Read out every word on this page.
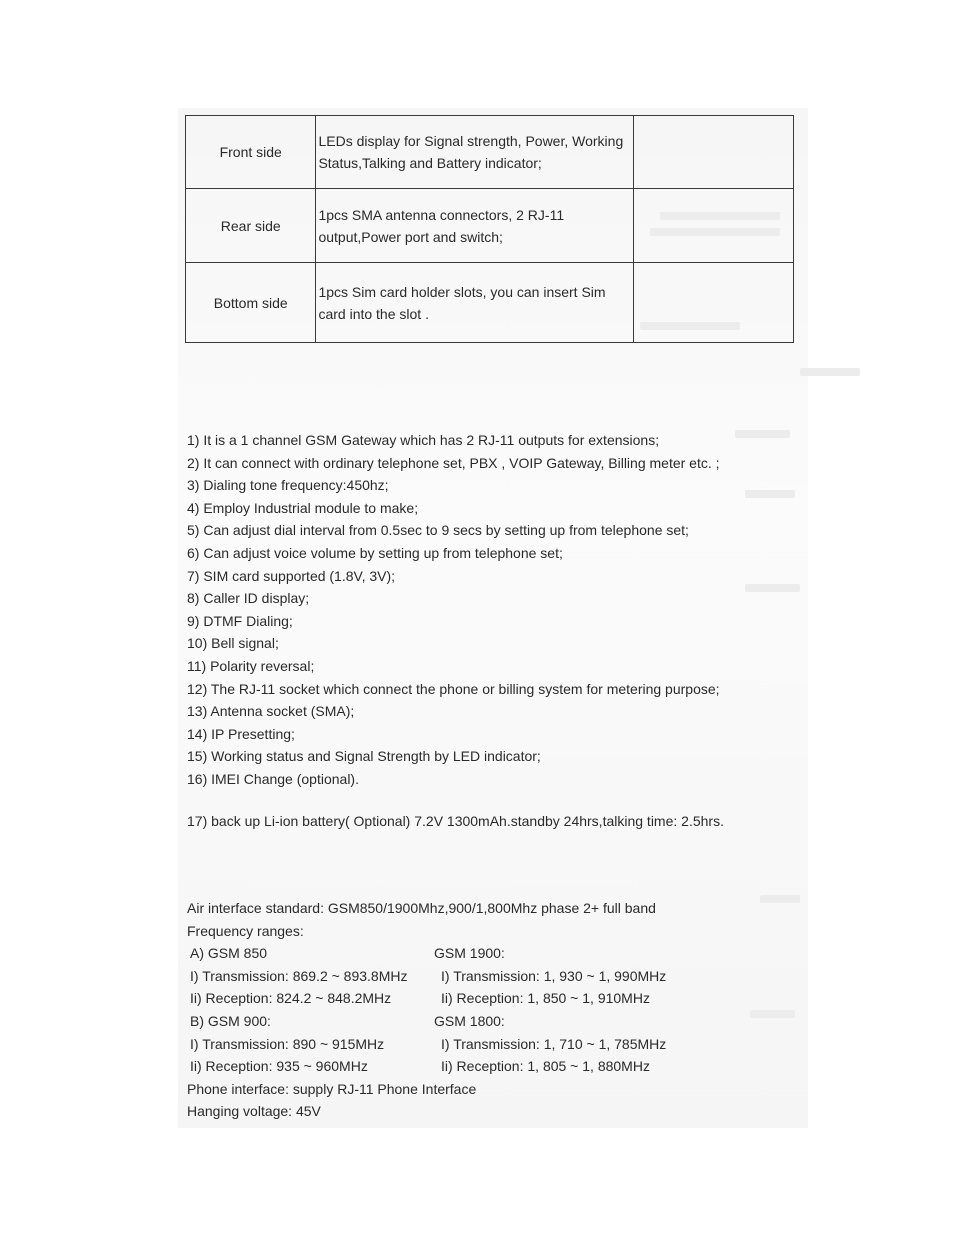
Front side	LEDs display for Signal strength, Power, Working
Status,Talking and Battery indicator;	

Rear side	1pcs SMA antenna connectors, 2 RJ-11
output,Power port and switch;	

Bottom side	1pcs Sim card holder slots, you can insert Sim
card into the slot .	

1) It is a 1 channel GSM Gateway which has 2 RJ-11 outputs for extensions;
2) It can connect with ordinary telephone set, PBX , VOIP Gateway, Billing meter etc. ;
3) Dialing tone frequency:450hz;
4) Employ Industrial module to make;
5) Can adjust dial interval from 0.5sec to 9 secs by setting up from telephone set;
6) Can adjust voice volume by setting up from telephone set;
7) SIM card supported (1.8V, 3V);
8) Caller ID display;
9) DTMF Dialing;
10) Bell signal;
11) Polarity reversal;
12) The RJ-11 socket which connect the phone or billing system for metering purpose;
13) Antenna socket (SMA);
14) IP Presetting;
15) Working status and Signal Strength by LED indicator;
16) IMEI Change (optional).
17) back up Li-ion battery( Optional) 7.2V 1300mAh.standby 24hrs,talking time: 2.5hrs.
Air interface standard: GSM850/1900Mhz,900/1,800Mhz phase 2+ full band
Frequency ranges:
A) GSM 850	GSM 1900:
I) Transmission: 869.2 ~ 893.8MHz I) Transmission: 1, 930 ~ 1, 990MHz
Ii) Reception: 824.2 ~ 848.2MHz	Ii) Reception: 1, 850 ~ 1, 910MHz
B) GSM 900:	GSM 1800:
I) Transmission: 890 ~ 915MHz	I) Transmission: 1, 710 ~ 1, 785MHz
Ii) Reception: 935 ~ 960MHz	Ii) Reception: 1, 805 ~ 1, 880MHz
Phone interface: supply RJ-11 Phone Interface
Hanging voltage: 45V
